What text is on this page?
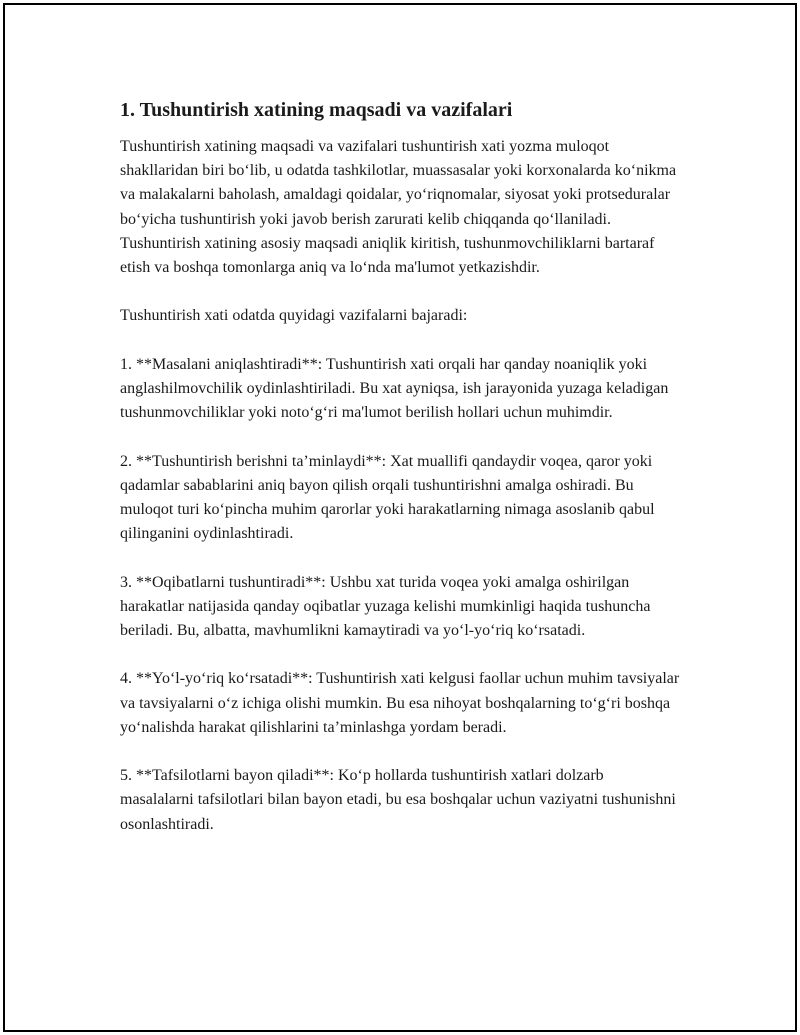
1. Tushuntirish xatining maqsadi va vazifalari

Tushuntirish xatining maqsadi va vazifalari tushuntirish xati yozma muloqot shakllaridan biri bo‘lib, u odatda tashkilotlar, muassasalar yoki korxonalarda ko‘nikma va malakalarni baholash, amaldagi qoidalar, yo‘riqnomalar, siyosat yoki protseduralar bo‘yicha tushuntirish yoki javob berish zarurati kelib chiqqanda qo‘llaniladi. Tushuntirish xatining asosiy maqsadi aniqlik kiritish, tushunmovchiliklarni bartaraf etish va boshqa tomonlarga aniq va lo‘nda ma'lumot yetkazishdir.

Tushuntirish xati odatda quyidagi vazifalarni bajaradi:

1. **Masalani aniqlashtiradi**: Tushuntirish xati orqali har qanday noaniqlik yoki anglashilmovchilik oydinlashtiriladi. Bu xat ayniqsa, ish jarayonida yuzaga keladigan tushunmovchiliklar yoki noto‘g‘ri ma'lumot berilish hollari uchun muhimdir.

2. **Tushuntirish berishni ta’minlaydi**: Xat muallifi qandaydir voqea, qaror yoki qadamlar sabablarini aniq bayon qilish orqali tushuntirishni amalga oshiradi. Bu muloqot turi ko‘pincha muhim qarorlar yoki harakatlarning nimaga asoslanib qabul qilinganini oydinlashtiradi.

3. **Oqibatlarni tushuntiradi**: Ushbu xat turida voqea yoki amalga oshirilgan harakatlar natijasida qanday oqibatlar yuzaga kelishi mumkinligi haqida tushuncha beriladi. Bu, albatta, mavhumlikni kamaytiradi va yo‘l-yo‘riq ko‘rsatadi.

4. **Yo‘l-yo‘riq ko‘rsatadi**: Tushuntirish xati kelgusi faollar uchun muhim tavsiyalar va tavsiyalarni o‘z ichiga olishi mumkin. Bu esa nihoyat boshqalarning to‘g‘ri boshqa yo‘nalishda harakat qilishlarini ta’minlashga yordam beradi.

5. **Tafsilotlarni bayon qiladi**: Ko‘p hollarda tushuntirish xatlari dolzarb masalalarni tafsilotlari bilan bayon etadi, bu esa boshqalar uchun vaziyatni tushunishni osonlashtiradi.
